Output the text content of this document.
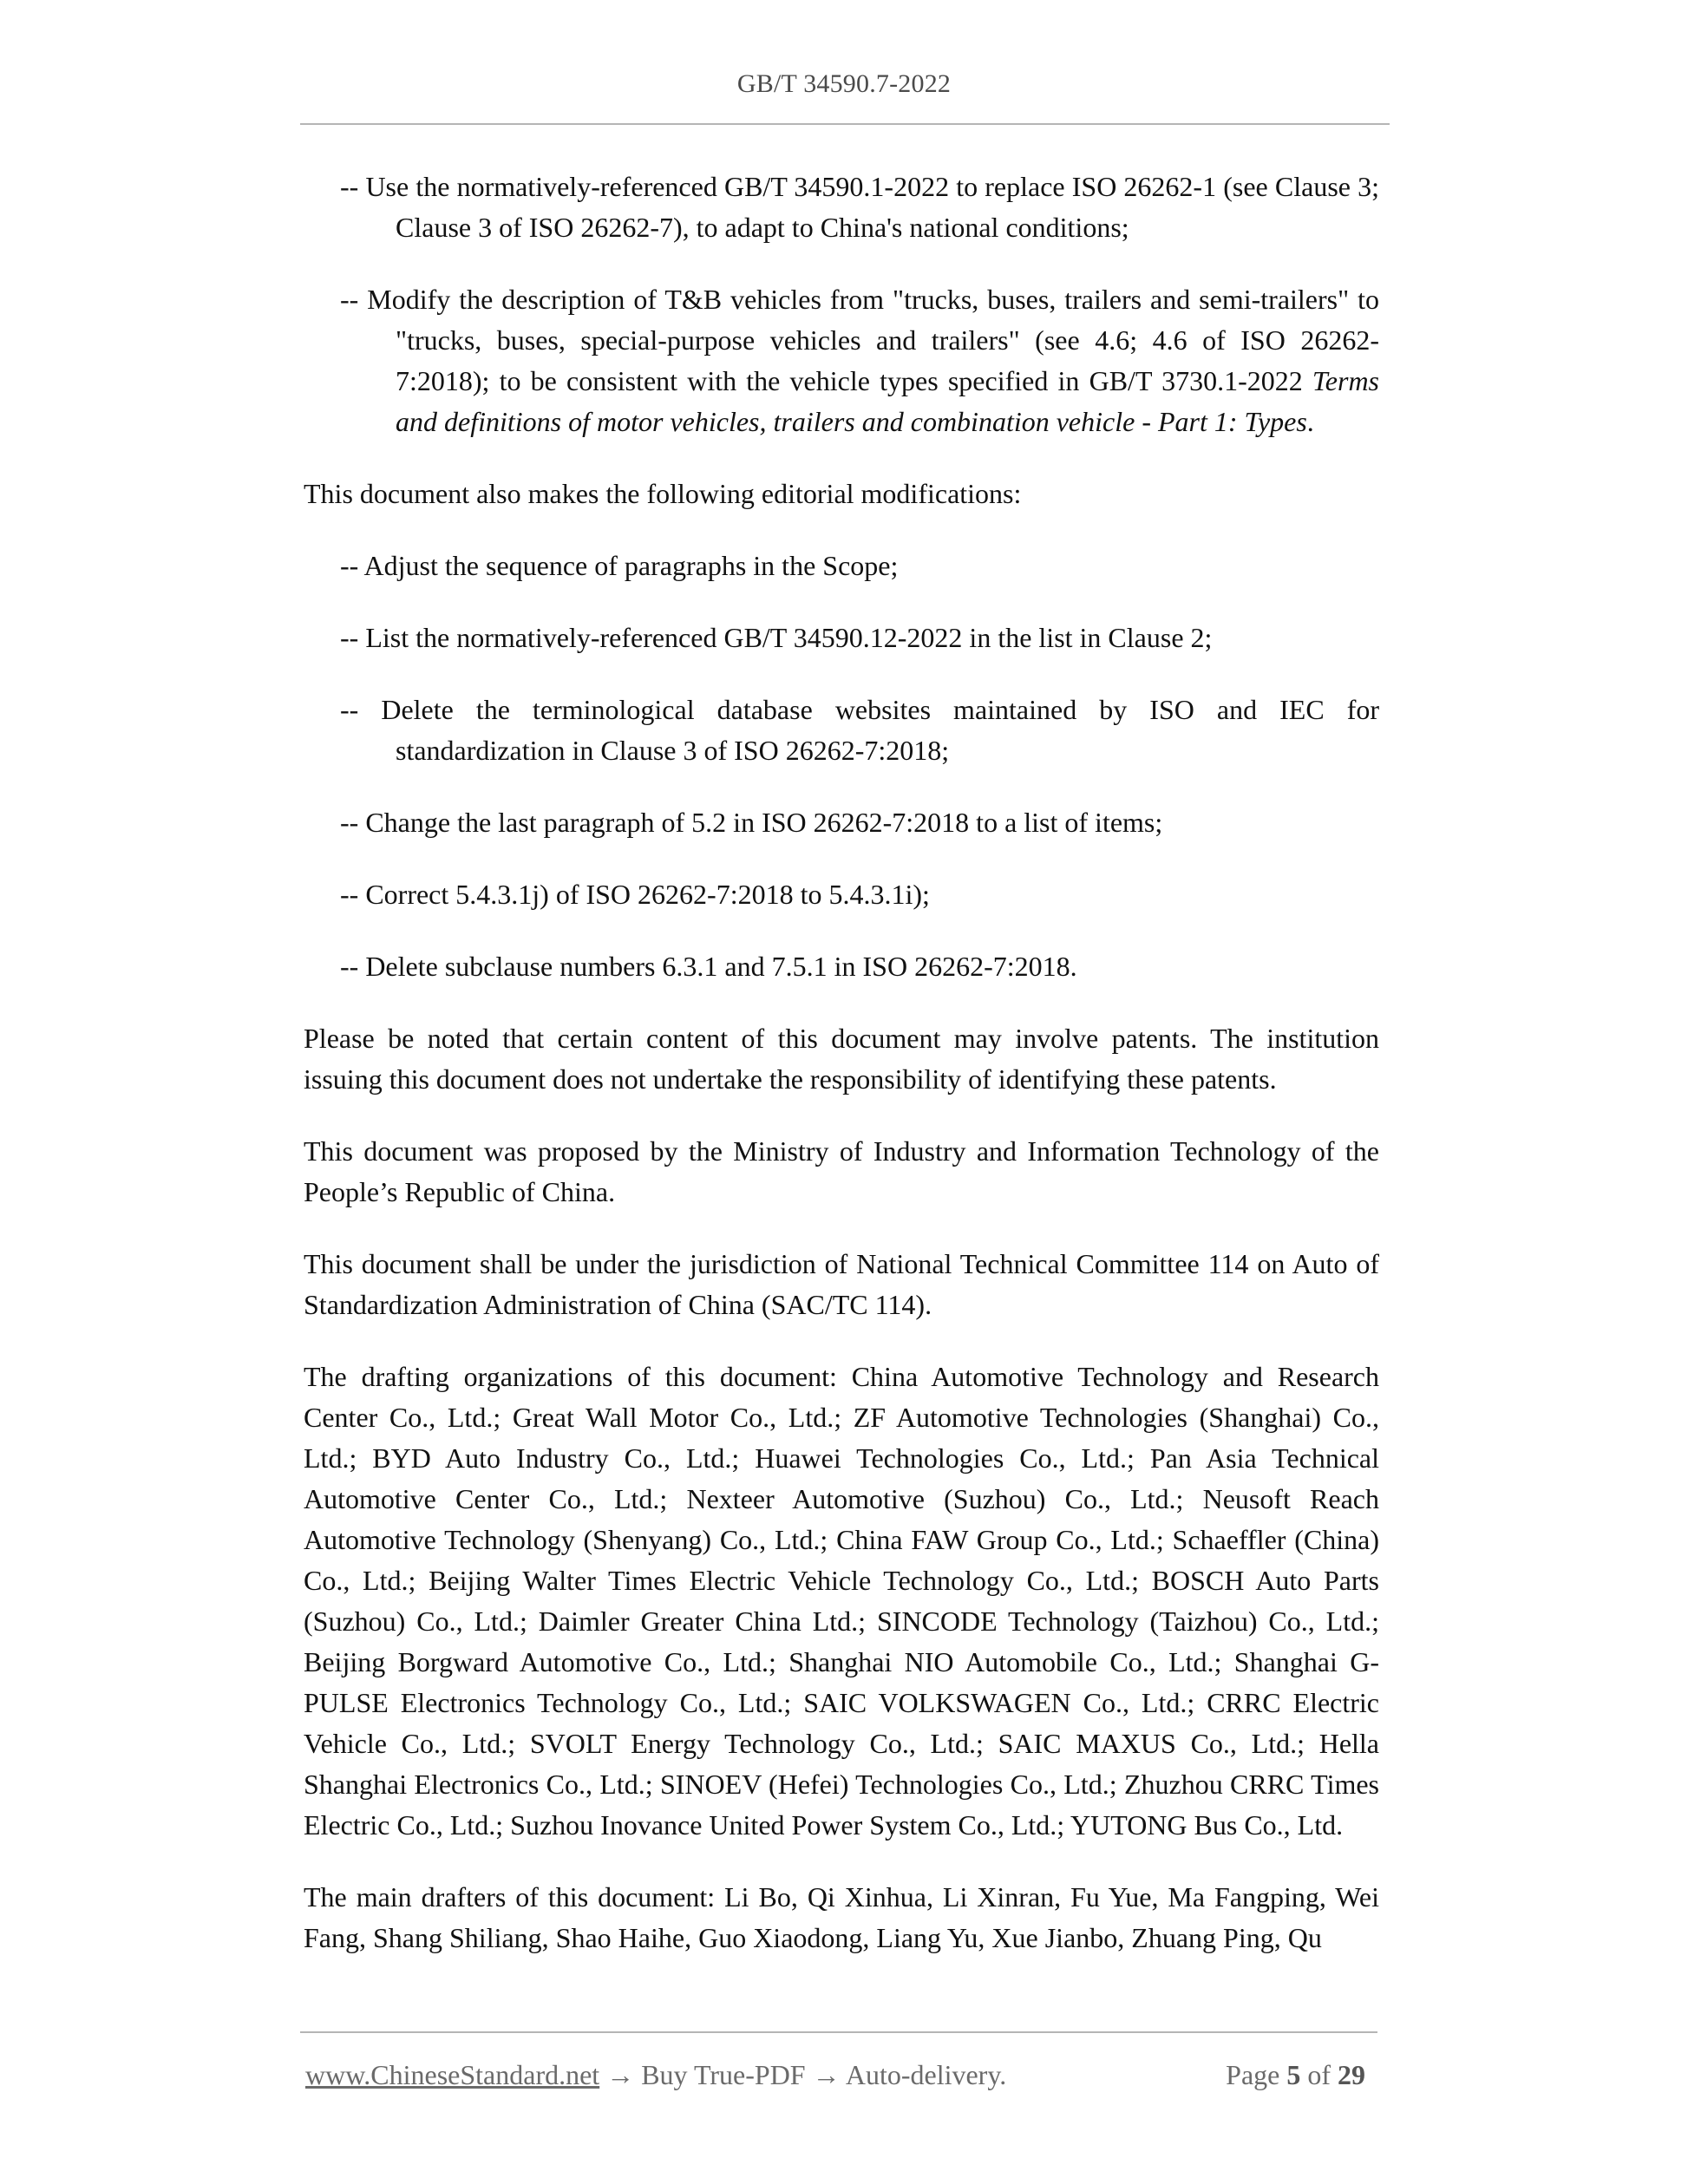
GB/T 34590.7-2022

-- Use the normatively-referenced GB/T 34590.1-2022 to replace ISO 26262-1 (see Clause 3; Clause 3 of ISO 26262-7), to adapt to China's national conditions;

-- Modify the description of T&B vehicles from "trucks, buses, trailers and semi-trailers" to "trucks, buses, special-purpose vehicles and trailers" (see 4.6; 4.6 of ISO 26262-7:2018); to be consistent with the vehicle types specified in GB/T 3730.1-2022 Terms and definitions of motor vehicles, trailers and combination vehicle - Part 1: Types.

This document also makes the following editorial modifications:

-- Adjust the sequence of paragraphs in the Scope;

-- List the normatively-referenced GB/T 34590.12-2022 in the list in Clause 2;

-- Delete the terminological database websites maintained by ISO and IEC for standardization in Clause 3 of ISO 26262-7:2018;

-- Change the last paragraph of 5.2 in ISO 26262-7:2018 to a list of items;

-- Correct 5.4.3.1j) of ISO 26262-7:2018 to 5.4.3.1i);

-- Delete subclause numbers 6.3.1 and 7.5.1 in ISO 26262-7:2018.

Please be noted that certain content of this document may involve patents. The institution issuing this document does not undertake the responsibility of identifying these patents.

This document was proposed by the Ministry of Industry and Information Technology of the People’s Republic of China.

This document shall be under the jurisdiction of National Technical Committee 114 on Auto of Standardization Administration of China (SAC/TC 114).

The drafting organizations of this document: China Automotive Technology and Research Center Co., Ltd.; Great Wall Motor Co., Ltd.; ZF Automotive Technologies (Shanghai) Co., Ltd.; BYD Auto Industry Co., Ltd.; Huawei Technologies Co., Ltd.; Pan Asia Technical Automotive Center Co., Ltd.; Nexteer Automotive (Suzhou) Co., Ltd.; Neusoft Reach Automotive Technology (Shenyang) Co., Ltd.; China FAW Group Co., Ltd.; Schaeffler (China) Co., Ltd.; Beijing Walter Times Electric Vehicle Technology Co., Ltd.; BOSCH Auto Parts (Suzhou) Co., Ltd.; Daimler Greater China Ltd.; SINCODE Technology (Taizhou) Co., Ltd.; Beijing Borgward Automotive Co., Ltd.; Shanghai NIO Automobile Co., Ltd.; Shanghai G-PULSE Electronics Technology Co., Ltd.; SAIC VOLKSWAGEN Co., Ltd.; CRRC Electric Vehicle Co., Ltd.; SVOLT Energy Technology Co., Ltd.; SAIC MAXUS Co., Ltd.; Hella Shanghai Electronics Co., Ltd.; SINOEV (Hefei) Technologies Co., Ltd.; Zhuzhou CRRC Times Electric Co., Ltd.; Suzhou Inovance United Power System Co., Ltd.; YUTONG Bus Co., Ltd.

The main drafters of this document: Li Bo, Qi Xinhua, Li Xinran, Fu Yue, Ma Fangping, Wei Fang, Shang Shiliang, Shao Haihe, Guo Xiaodong, Liang Yu, Xue Jianbo, Zhuang Ping, Qu

www.ChineseStandard.net → Buy True-PDF → Auto-delivery.	Page 5 of 29
